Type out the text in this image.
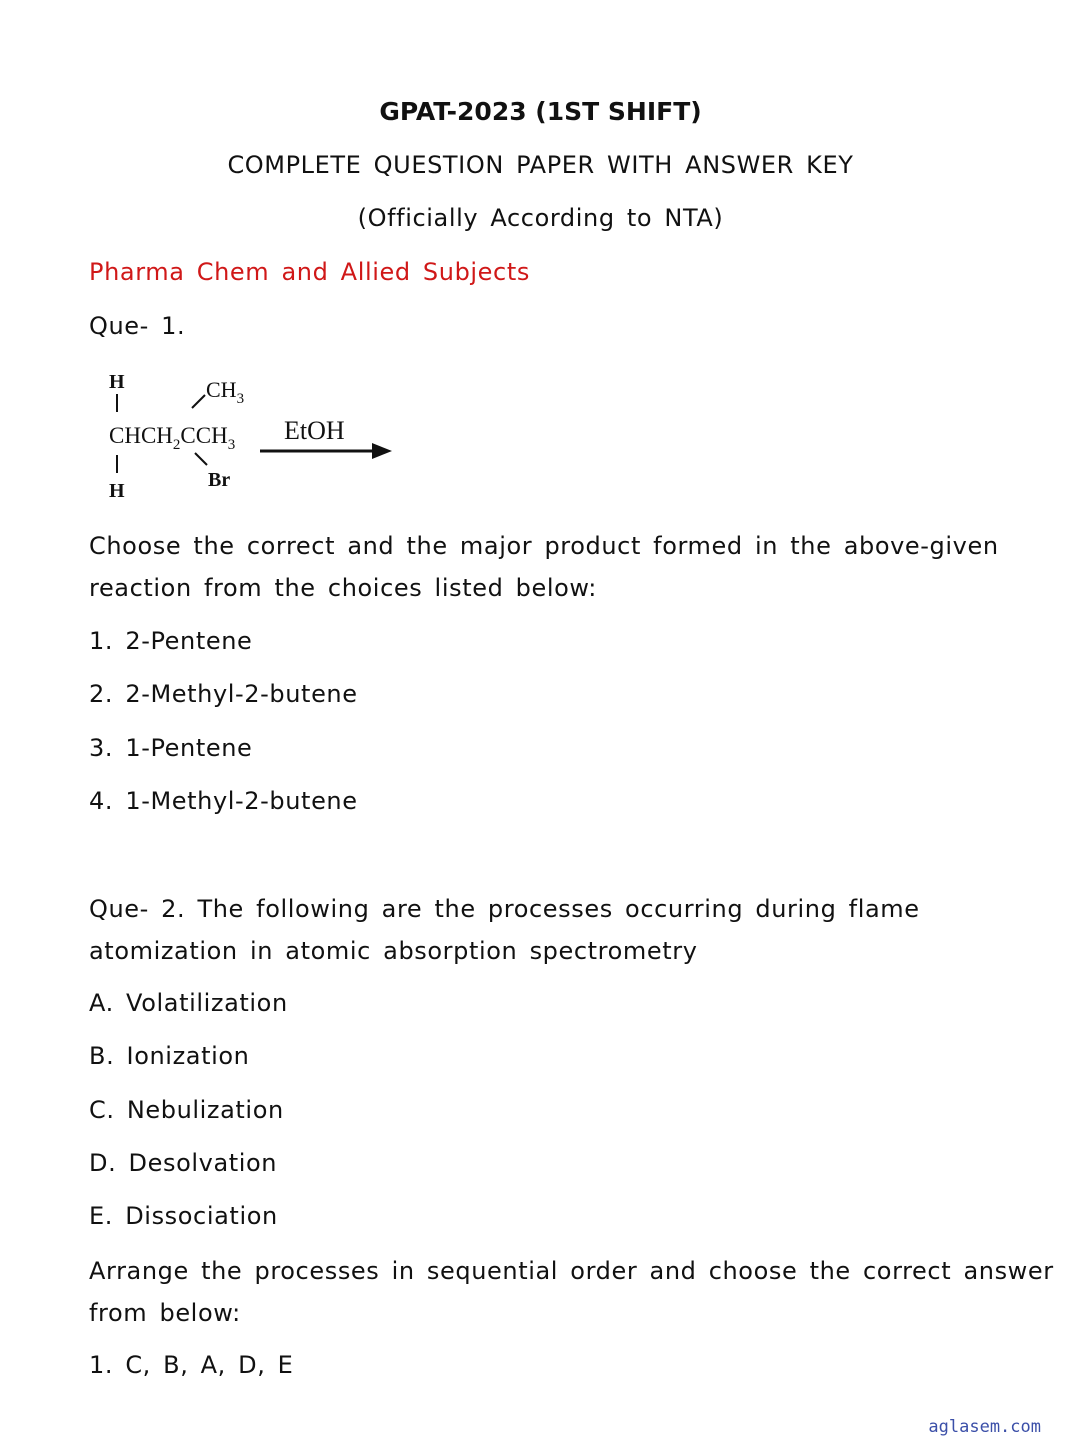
GPAT-2023 (1ST SHIFT)
COMPLETE QUESTION PAPER WITH ANSWER KEY
(Officially According to NTA)
Pharma Chem and Allied Subjects
Que- 1.
H	$CH_3$
$CHCH_2CCH_3$
Br
H
EtOH
Choose the correct and the major product formed in the above-given
reaction from the choices listed below:
1. 2-Pentene
2. 2-Methyl-2-butene
3. 1-Pentene
4. 1-Methyl-2-butene
Que- 2. The following are the processes occurring during flame
atomization in atomic absorption spectrometry
A. Volatilization
B. Ionization
C. Nebulization
D. Desolvation
E. Dissociation
Arrange the processes in sequential order and choose the correct answer
from below:
1. C, B, A, D, E
aglasem.com
